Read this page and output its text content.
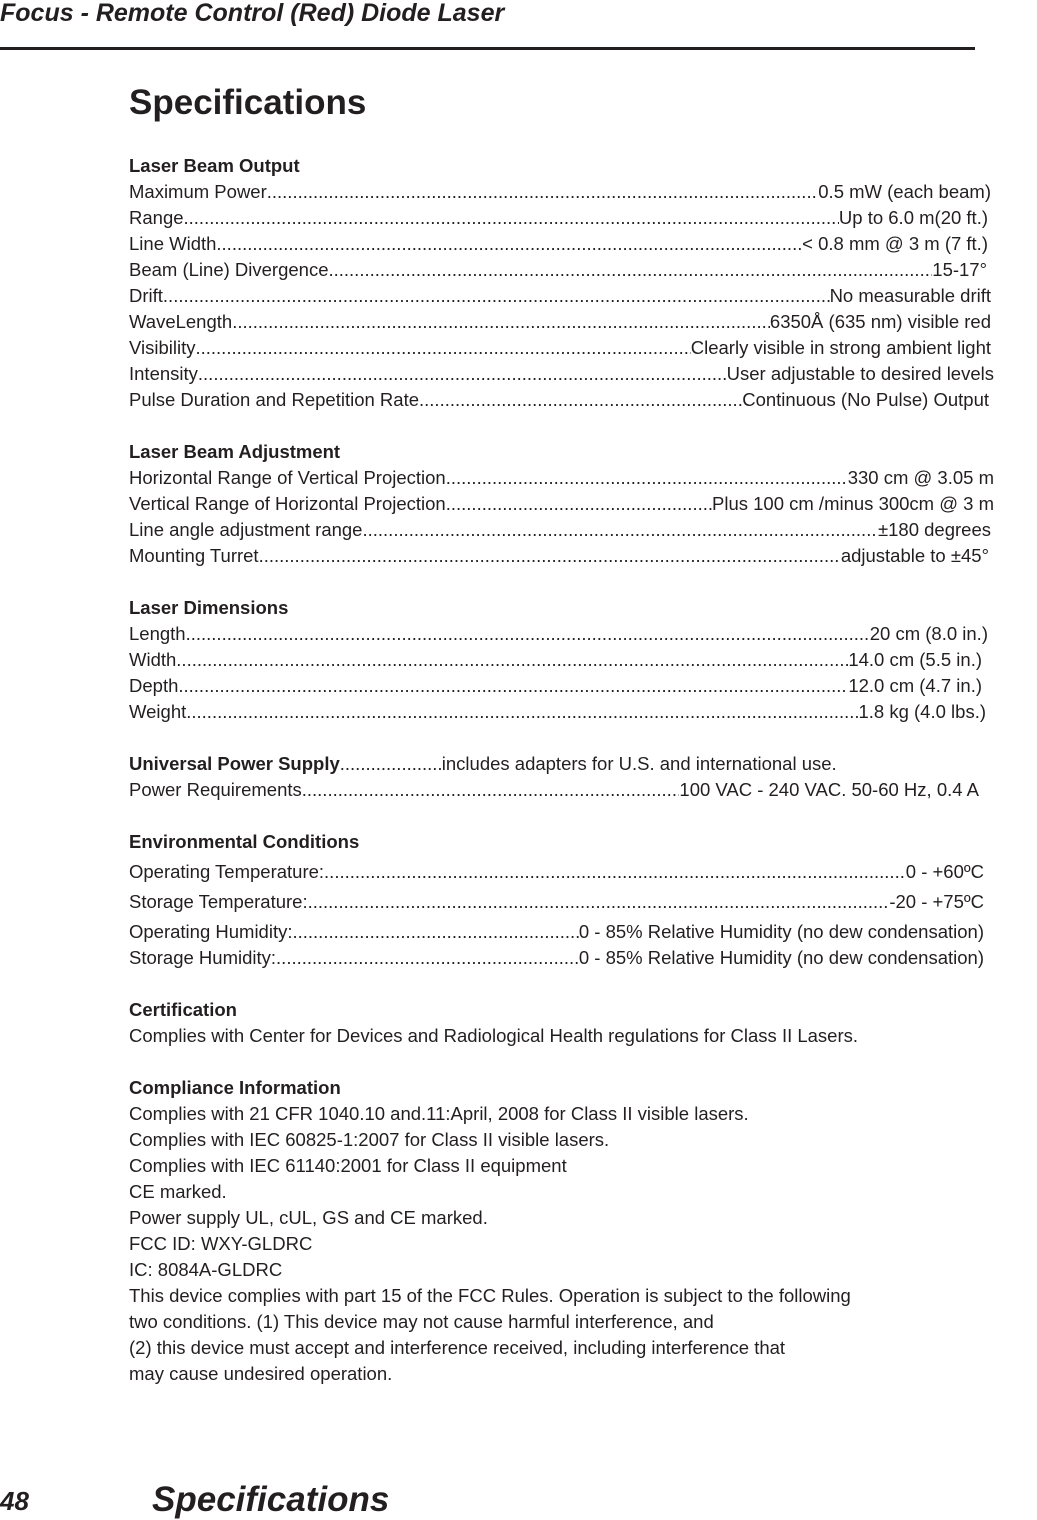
Focus - Remote Control (Red) Diode Laser
Specifications
Laser Beam Output
Maximum Power .....	0.5 mW (each beam)
Range .....	Up to 6.0 m(20 ft.)
Line Width .....	< 0.8 mm @ 3 m (7 ft.)
Beam (Line) Divergence .....	15-17°
Drift .....	No measurable drift
WaveLength .....	6350Å (635 nm) visible red
Visibility .....	Clearly visible in strong ambient light
Intensity .....	User adjustable to desired levels
Pulse Duration and Repetition Rate .....	Continuous (No Pulse) Output
Laser Beam Adjustment
Horizontal Range of Vertical Projection .....	330 cm @ 3.05 m
Vertical Range of Horizontal Projection .....	Plus 100 cm /minus 300cm @ 3 m
Line angle adjustment range .....	±180 degrees
Mounting Turret .....	adjustable to ±45°
Laser Dimensions
Length .....	20 cm (8.0 in.)
Width .....	14.0 cm (5.5 in.)
Depth. .....	12.0 cm (4.7 in.)
Weight .....	1.8 kg (4.0 lbs.)
Universal Power Supply .....	includes adapters for U.S. and international use.
Power Requirements .....	100 VAC - 240 VAC. 50-60 Hz, 0.4 A
Environmental Conditions
Operating Temperature: .....	0 - +60ºC
Storage Temperature: .....	-20 - +75ºC
Operating Humidity: .....	0 - 85% Relative Humidity (no dew condensation)
Storage Humidity: .....	0 - 85% Relative Humidity (no dew condensation)
Certification
Complies with Center for Devices and Radiological Health regulations for Class II Lasers.
Compliance Information
Complies with 21 CFR 1040.10 and.11:April, 2008 for Class II visible lasers.
Complies with IEC 60825-1:2007 for Class II visible lasers.
Complies with IEC 61140:2001 for Class II equipment
CE marked.
Power supply UL, cUL, GS and CE marked.
FCC ID: WXY-GLDRC
IC: 8084A-GLDRC
This device complies with part 15 of the FCC Rules. Operation is subject to the following
two conditions. (1) This device may not cause harmful interference, and
(2) this device must accept and interference received, including interference that
may cause undesired operation.
48	Specifications
